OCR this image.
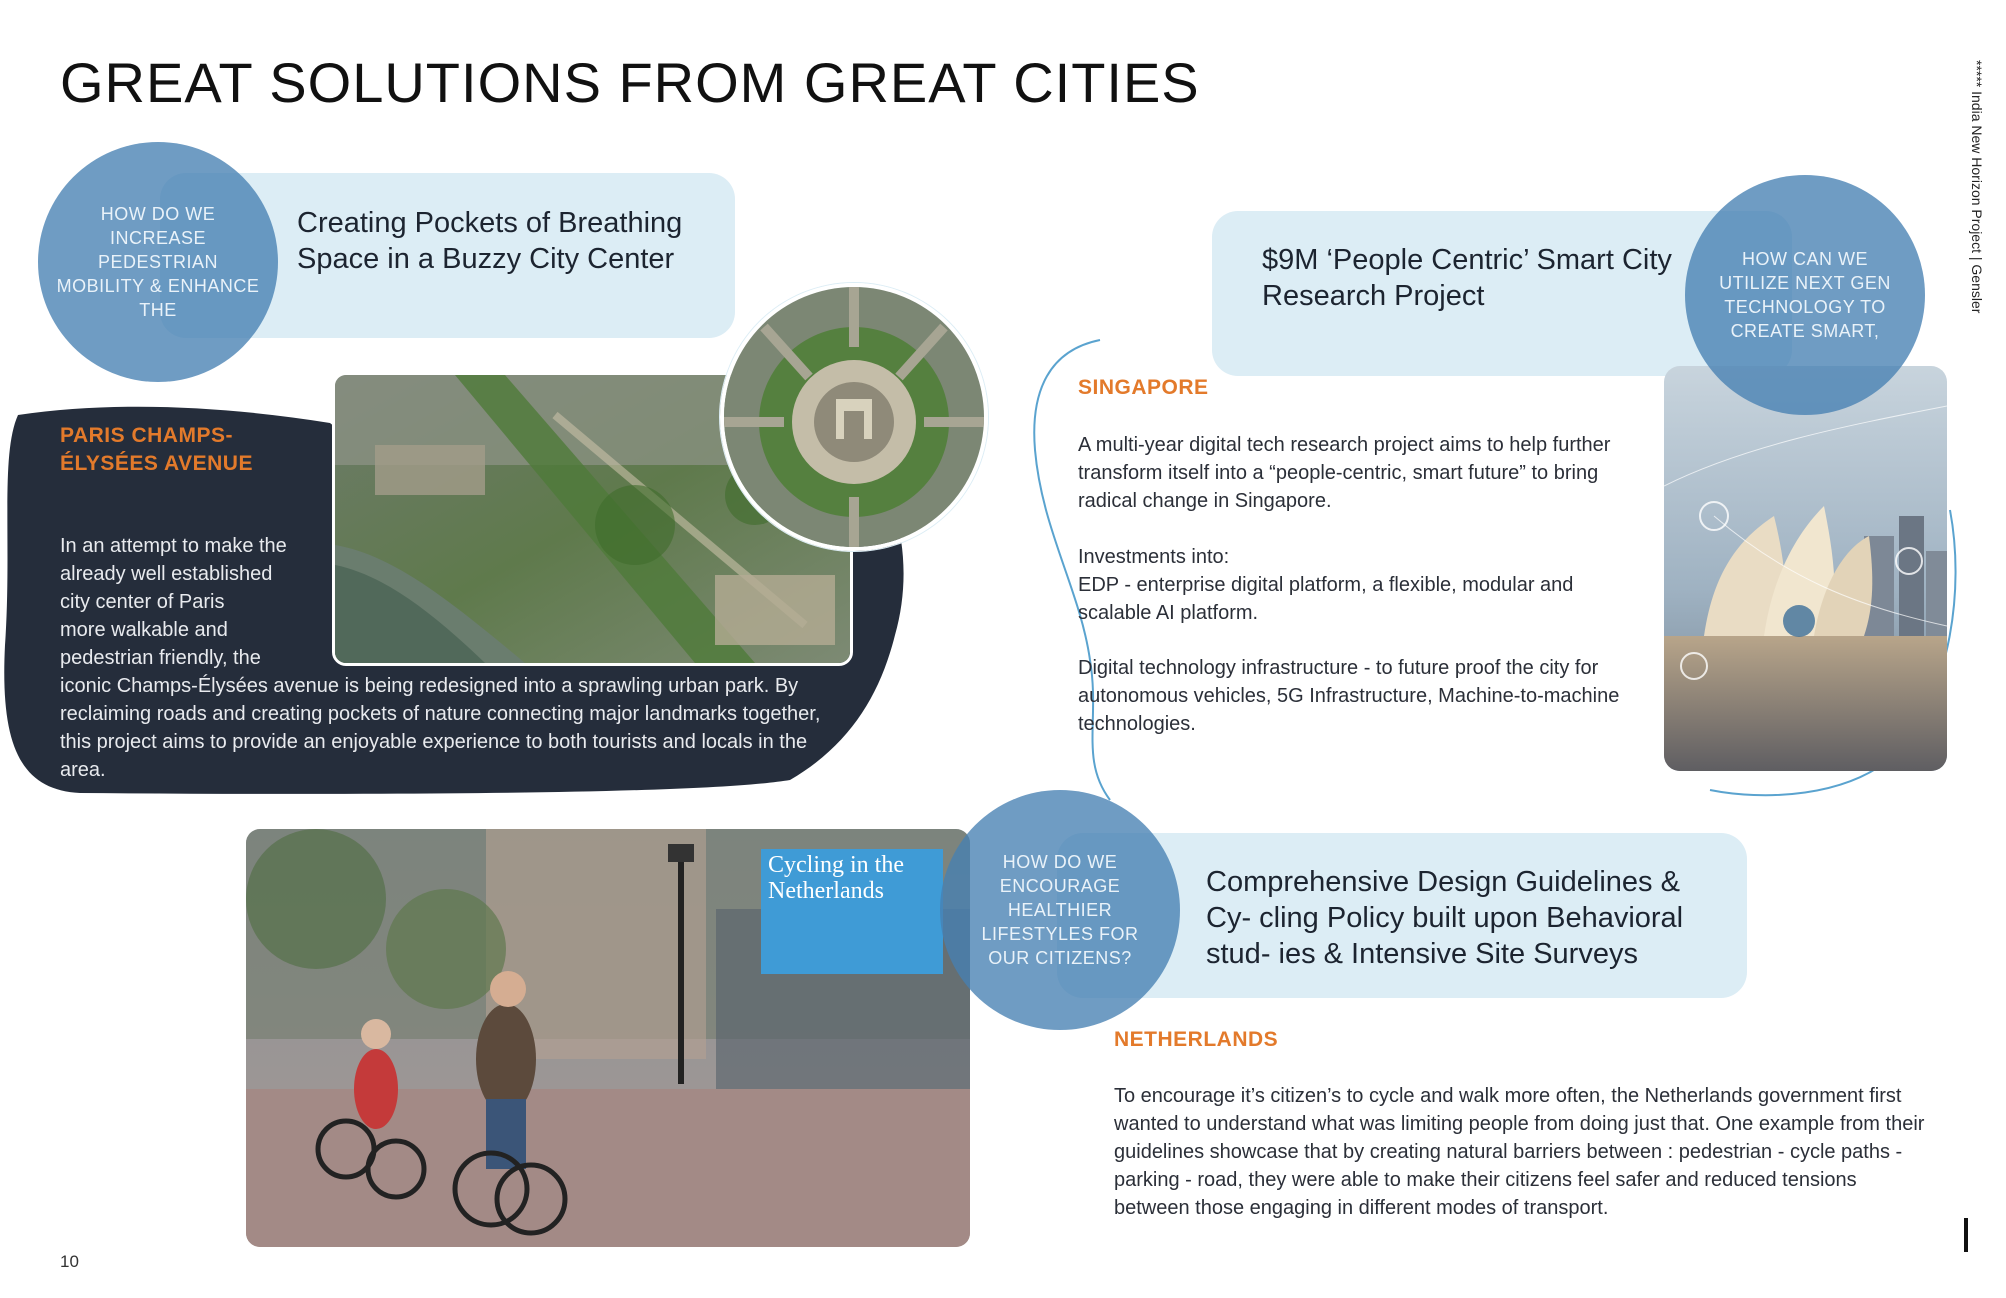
GREAT SOLUTIONS FROM GREAT CITIES	***** India New Horizon Project | Gensler
Creating Pockets of Breathing Space in a Buzzy City Center
HOW DO WE INCREASE PEDESTRIAN MOBILITY & ENHANCE THE
PARIS CHAMPS-ÉLYSÉES AVENUE
In an attempt to make the
already well established
city center of Paris
more walkable and
pedestrian friendly, the
iconic Champs-Élysées avenue is being redesigned into a sprawling urban park. By reclaiming roads and creating pockets of nature connecting major landmarks together, this project aims to provide an enjoyable experience to both tourists and locals in the area.
$9M ‘People Centric’ Smart City Research Project
HOW CAN WE UTILIZE NEXT GEN TECHNOLOGY TO CREATE SMART,
SINGAPORE
A multi-year digital tech research project aims to help further transform itself into a “people-centric, smart future” to bring radical change in Singapore.
Investments into:
EDP - enterprise digital platform, a flexible, modular and scalable AI platform.
Digital technology infrastructure - to future proof the city for autonomous vehicles, 5G Infrastructure, Machine-to-machine technologies.
Cycling in the Netherlands	Comprehensive Design Guidelines & Cy- cling Policy built upon Behavioral stud- ies & Intensive Site Surveys
HOW DO WE ENCOURAGE HEALTHIER LIFESTYLES FOR OUR CITIZENS?
NETHERLANDS
To encourage it’s citizen’s to cycle and walk more often, the Netherlands government first wanted to understand what was limiting people from doing just that. One example from their guidelines showcase that by creating natural barriers between : pedestrian - cycle paths - parking - road, they were able to make their citizens feel safer and reduced tensions between those engaging in different modes of transport.
10
